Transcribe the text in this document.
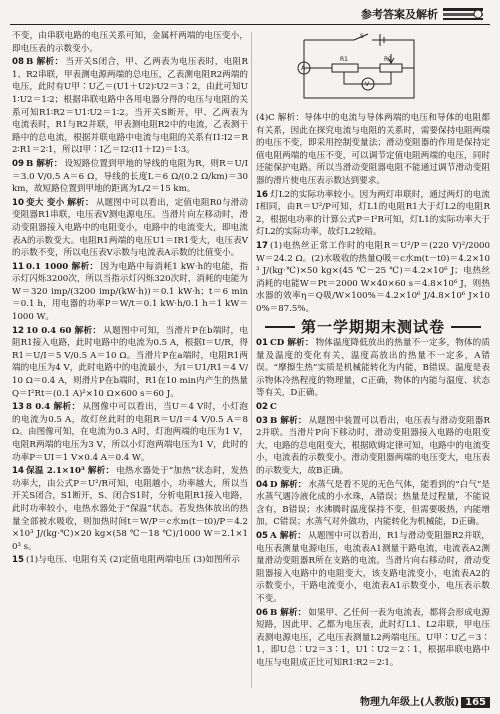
参考答案及解析

不变，由串联电路的电压关系可知，金属杆两端的电压变小，即电压表的示数变小。

08 B 解析： 当开关S闭合，甲、乙两表为电压表时，电阻R1、R2串联，甲表测电源两端的总电压，乙表测电阻R2两端的电压，此时有U甲∶U乙＝(U1＋U2)∶U2＝3∶2，由此可知U1∶U2＝1∶2；根据串联电路中各用电器分得的电压与电阻的关系可知R1∶R2＝U1∶U2＝1∶2。当开关S断开，甲、乙两表为电流表时，R1与R2并联，甲表测电阻R2中的电流，乙表测干路中的总电流，根据并联电路中电流与电阻的关系有I1∶I2＝R2∶R1＝2∶1，所以I甲∶I乙＝I2∶(I1＋I2)＝1∶3。

09 B 解析： 设短路位置到甲地的导线的电阻为R，则R＝U/I＝3.0 V/0.5 A＝6 Ω，导线的长度L＝6 Ω/(0.2 Ω/km)＝30 km，故短路位置到甲地的距离为L/2＝15 km。

10 变大 变小 解析： 从题图中可以看出，定值电阻R0与滑动变阻器R1串联，电压表V测电源电压。当滑片向左移动时，滑动变阻器接入电路中的电阻变小，电路中的电流变大，即电流表A的示数变大。电阻R1两端的电压U1＝IR1变大，电压表V的示数不变，所以电压表V示数与电流表A示数的比值变小。

11 0.1 1000 解析： 因为电路中每消耗1 kW·h的电能，指示灯闪烁3200次，所以当指示灯闪烁320次时，消耗的电能为W＝320 imp/(3200 imp/(kW·h))＝0.1 kW·h；t＝6 min＝0.1 h，用电器的功率P＝W/t＝0.1 kW·h/0.1 h＝1 kW＝1000 W。

12 10 0.4 60 解析： 从题图中可知，当滑片P在b端时，电阻R1接入电路，此时电路中的电流为0.5 A，根据I＝U/R，得R1＝U/I＝5 V/0.5 A＝10 Ω。当滑片P在a端时，电阻R1两端的电压为4 V，此时电路中的电流最小，为I＝U1/R1＝4 V/10 Ω＝0.4 A，则滑片P在b端时，R1在10 min内产生的热量Q＝I²Rt＝(0.1 A)²×10 Ω×600 s＝60 J。

13 8 0.4 解析： 从图像中可以看出，当U＝4 V时，小灯泡的电流为0.5 A，故灯丝此时的电阻R＝U/I＝4 V/0.5 A＝8 Ω。由图像可知，在电流为0.3 A时，灯泡两端的电压为1 V，电阻R两端的电压为3 V，所以小灯泡两端电压为1 V，此时的功率P＝UI＝1 V×0.4 A＝0.4 W。

14 保温 2.1×10³ 解析： 电热水器处于“加热”状态时，发热功率大，由公式P＝U²/R可知，电阻越小，功率越大，所以当开关S闭合，S1断开，S、闭合S1时，分析电阻R1接入电路，此时功率较小，电热水器处于“保温”状态。若发热体放出的热量全部被水吸收，则加热时间t＝W/P＝c水m(t－t0)/P＝4.2×10³ J/(kg·℃)×20 kg×(58 ℃－18 ℃)/1000 W＝2.1×10³ s。

15 (1)与电压、电阻有关 (2)定值电阻两端电压 (3)如图所示

A
V
R1	R2
S

(4)C 解析：导体中的电流与导体两端的电压和导体的电阻都有关系，因此在探究电流与电阻的关系时，需要保持电阻两端的电压不变，即采用控制变量法；滑动变阻器的作用是保持定值电阻两端的电压不变，可以调节定值电阻两端的电压，同时还能保护电路。所以当滑动变阻器电阻不能通过调节滑动变阻器的滑片使电压表示数达到要求。

16 灯L2的实际功率较小。因为两灯串联时，通过两灯的电流I相同，由R＝U²/P可知，灯L1的电阻R1大于灯L2的电阻R2，根据电功率的计算公式P＝I²R可知，灯L1的实际功率大于灯L2的实际功率，故灯L2较暗。

17 (1)电热丝正常工作时的电阻R＝U²/P＝(220 V)²/2000 W＝24.2 Ω。(2)水吸收的热量Q吸＝c水m(t－t0)＝4.2×10³ J/(kg·℃)×50 kg×(45 ℃－25 ℃)＝4.2×10⁶ J；电热丝消耗的电能W＝Pt＝2000 W×40×60 s＝4.8×10⁶ J，则热水器的效率η＝Q吸/W×100%＝4.2×10⁶ J/4.8×10⁶ J×100%＝87.5%。

第一学期期末测试卷

01 CD 解析： 物体温度降低放出的热量不一定多，物体的质量及温度的变化有关，温度高放出的热量不一定多，A错误。“摩擦生热”实质是机械能转化为内能，B错误。温度是表示物体冷热程度的物理量，C正确，物体的内能与温度、状态等有关，D正确。

02 C

03 B 解析： 从题图中装置可以看出，电压表与滑动变阻器R2并联。当滑片P向下移动时，滑动变阻器接入电路的电阻变大，电路的总电阻变大，根据欧姆定律可知，电路中的电流变小，电流表的示数变小。滑动变阻器两端的电压变大，电压表的示数变大，故B正确。

04 D 解析： 水蒸气是看不见的无色气体，能看到的“白气”是水蒸气遇冷液化成的小水珠，A错误；热量是过程量，不能说含有，B错误；水沸腾时温度保持不变，但需要吸热，内能增加，C错误；水蒸气对外做功，内能转化为机械能，D正确。

05 A 解析： 从题图中可以看出，R1与滑动变阻器R2并联，电压表测量电源电压，电流表A1测量干路电流，电流表A2测量滑动变阻器R所在支路的电流。当滑片向右移动时，滑动变阻器接入电路中的电阻变大，该支路电流变小，电流表A2的示数变小，干路电流变小，电流表A1示数变小，电压表示数不变。

06 B 解析： 如果甲、乙任何一表为电流表，都将会形成电源短路，因此甲、乙都为电压表，此时灯L1、L2串联，甲电压表测电源电压，乙电压表测量L2两端电压。U甲∶U乙＝3∶1，即U总∶U2＝3∶1，U1∶U2＝2∶1，根据串联电路中电压与电阻成正比可知R1∶R2＝2∶1。

物理九年级上(人教版) 165
